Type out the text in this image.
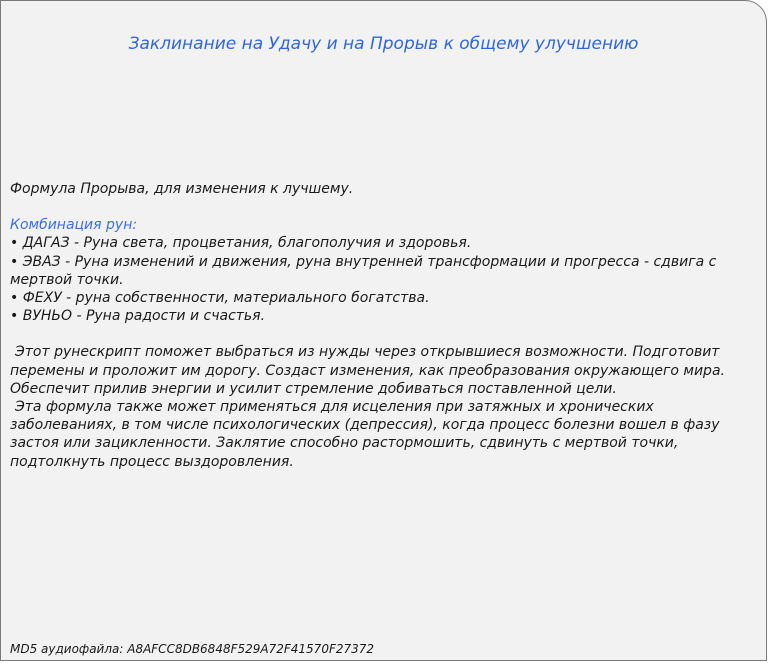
Заклинание на Удачу и на Прорыв к общему улучшению

Формула Прорыва, для изменения к лучшему.

Комбинация рун:

• ДАГАЗ - Руна света, процветания, благополучия и здоровья.

• ЭВАЗ - Руна изменений и движения, руна внутренней трансформации и прогресса - сдвига с мертвой точки.

• ФЕХУ - руна собственности, материального богатства.

• ВУНЬО - Руна радости и счастья.

Этот рунескрипт поможет выбраться из нужды через открывшиеся возможности. Подготовит перемены и проложит им дорогу. Создаст изменения, как преобразования окружающего мира. Обеспечит прилив энергии и усилит стремление добиваться поставленной цели.

Эта формула также может применяться для исцеления при затяжных и хронических заболеваниях, в том числе психологических (депрессия), когда процесс болезни вошел в фазу застоя или зацикленности. Заклятие способно растормошить, сдвинуть с мертвой точки, подтолкнуть процесс выздоровления.

MD5 аудиофайла: A8AFCC8DB6848F529A72F41570F27372
